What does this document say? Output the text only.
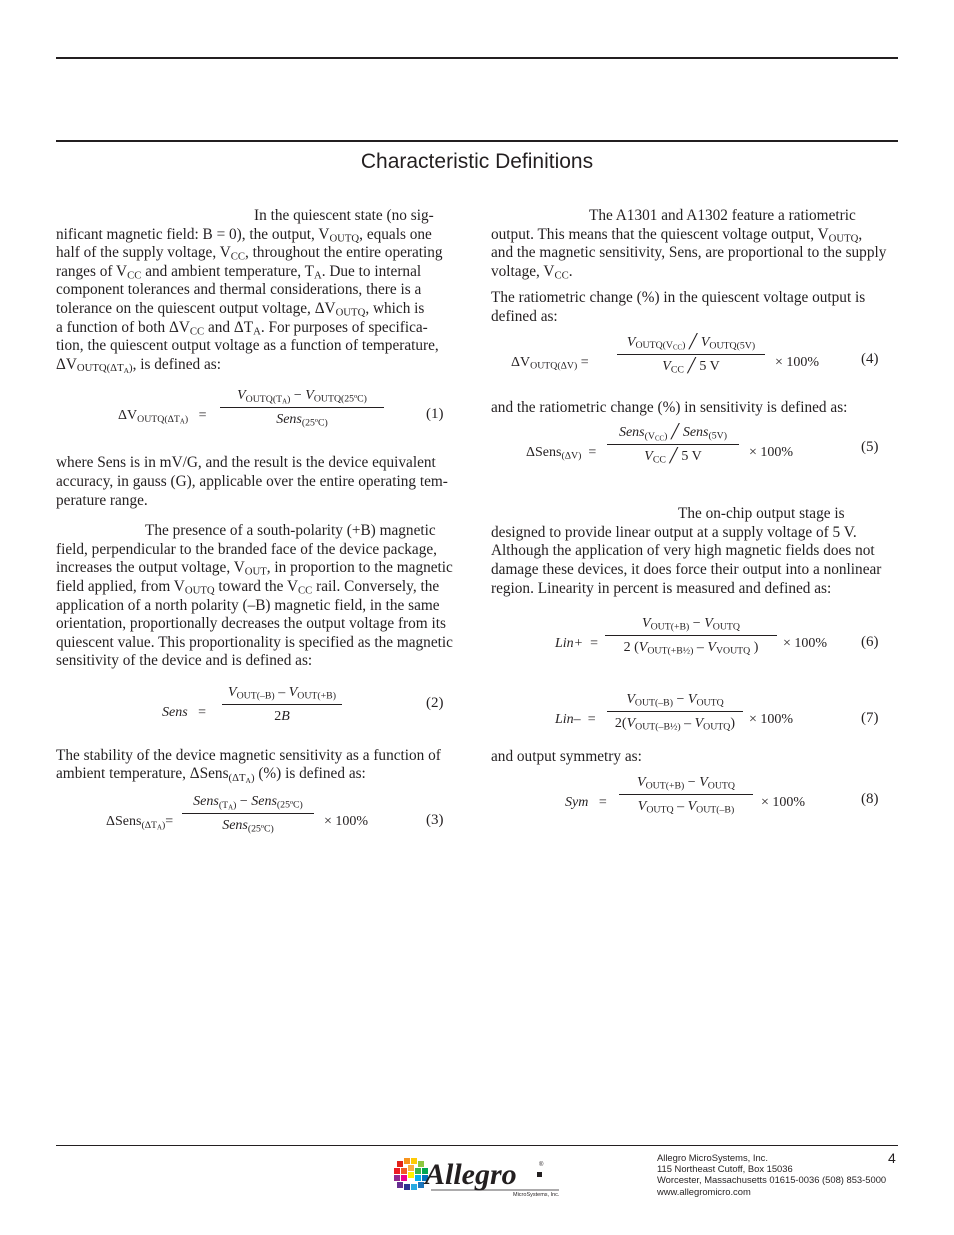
Characteristic Definitions

In the quiescent state (no sig-
nificant magnetic field: B = 0), the output, $V_{OUTQ}$, equals one
half of the supply voltage, $V_{CC}$, throughout the entire operating
ranges of $V_{CC}$ and ambient temperature, $T_A$. Due to internal
component tolerances and thermal considerations, there is a
tolerance on the quiescent output voltage, $\Delta V_{OUTQ}$, which is
a function of both $\Delta V_{CC}$ and $\Delta T_A$. For purposes of specifica-
tion, the quiescent output voltage as a function of temperature,
$\Delta V_{OUTQ(\Delta T_A)}$, is defined as:

$\Delta V_{OUTQ(\Delta T_A)}$ =
$V_{OUTQ(T_A)} - V_{OUTQ(25ºC)}$
Sens$_{(25ºC)}$
(1)

where Sens is in mV/G, and the result is the device equivalent
accuracy, in gauss (G), applicable over the entire operating tem-
perature range.

The presence of a south-polarity (+B) magnetic
field, perpendicular to the branded face of the device package,
increases the output voltage, $V_{OUT}$, in proportion to the magnetic
field applied, from $V_{OUTQ}$ toward the $V_{CC}$ rail. Conversely, the
application of a north polarity (–B) magnetic field, in the same
orientation, proportionally decreases the output voltage from its
quiescent value. This proportionality is specified as the magnetic
sensitivity of the device and is defined as:

Sens =
$V_{OUT(-B)} - V_{OUT(+B)}$
2B
(2)

The stability of the device magnetic sensitivity as a function of
ambient temperature, ΔSens$_{(\Delta T_A)}$ (%) is defined as:

ΔSens$_{(\Delta T_A)}$=
Sens$_{(T_A)}$ − Sens$_{(25ºC)}$
Sens$_{(25ºC)}$	× 100%	(3)

The A1301 and A1302 feature a ratiometric
output. This means that the quiescent voltage output, $V_{OUTQ}$,
and the magnetic sensitivity, Sens, are proportional to the supply
voltage, $V_{CC}$.

The ratiometric change (%) in the quiescent voltage output is defined as:

$\Delta V_{OUTQ(\Delta V)}$ =
$V_{OUTQ(V_{CC})}$ ╱ $V_{OUTQ(5V)}$
$V_{CC}$ ╱ 5 V	× 100%	(4)

and the ratiometric change (%) in sensitivity is defined as:

ΔSens$_{(\Delta V)}$  =
Sens$_{(V_{CC})}$ ╱ Sens$_{(5V)}$
$V_{CC}$ ╱ 5 V	× 100%	(5)

The on-chip output stage is
designed to provide linear output at a supply voltage of 5 V.
Although the application of very high magnetic fields does not
damage these devices, it does force their output into a nonlinear
region. Linearity in percent is measured and defined as:

Lin+ =
$V_{OUT(+B)} - V_{OUTQ}$
2 ($V_{OUT(+B\frac{1}{2})} - V_{VOUTQ}$ )	× 100% (6)
Lin– =
$V_{OUT(-B)} - V_{OUTQ}$
$2(V_{OUT(-B\frac{1}{2})} - V_{OUTQ}) \times 100\%$	(7)

and output symmetry as:

Sym =
$V_{OUT(+B)} - V_{OUTQ}$
$V_{OUTQ} - V_{OUT(-B)}$	× 100%	(8)
Allegro	®
MicroSystems, Inc.
Allegro MicroSystems, Inc.
115 Northeast Cutoff, Box 15036
Worcester, Massachusetts 01615-0036 (508) 853-5000
www.allegromicro.com
4
